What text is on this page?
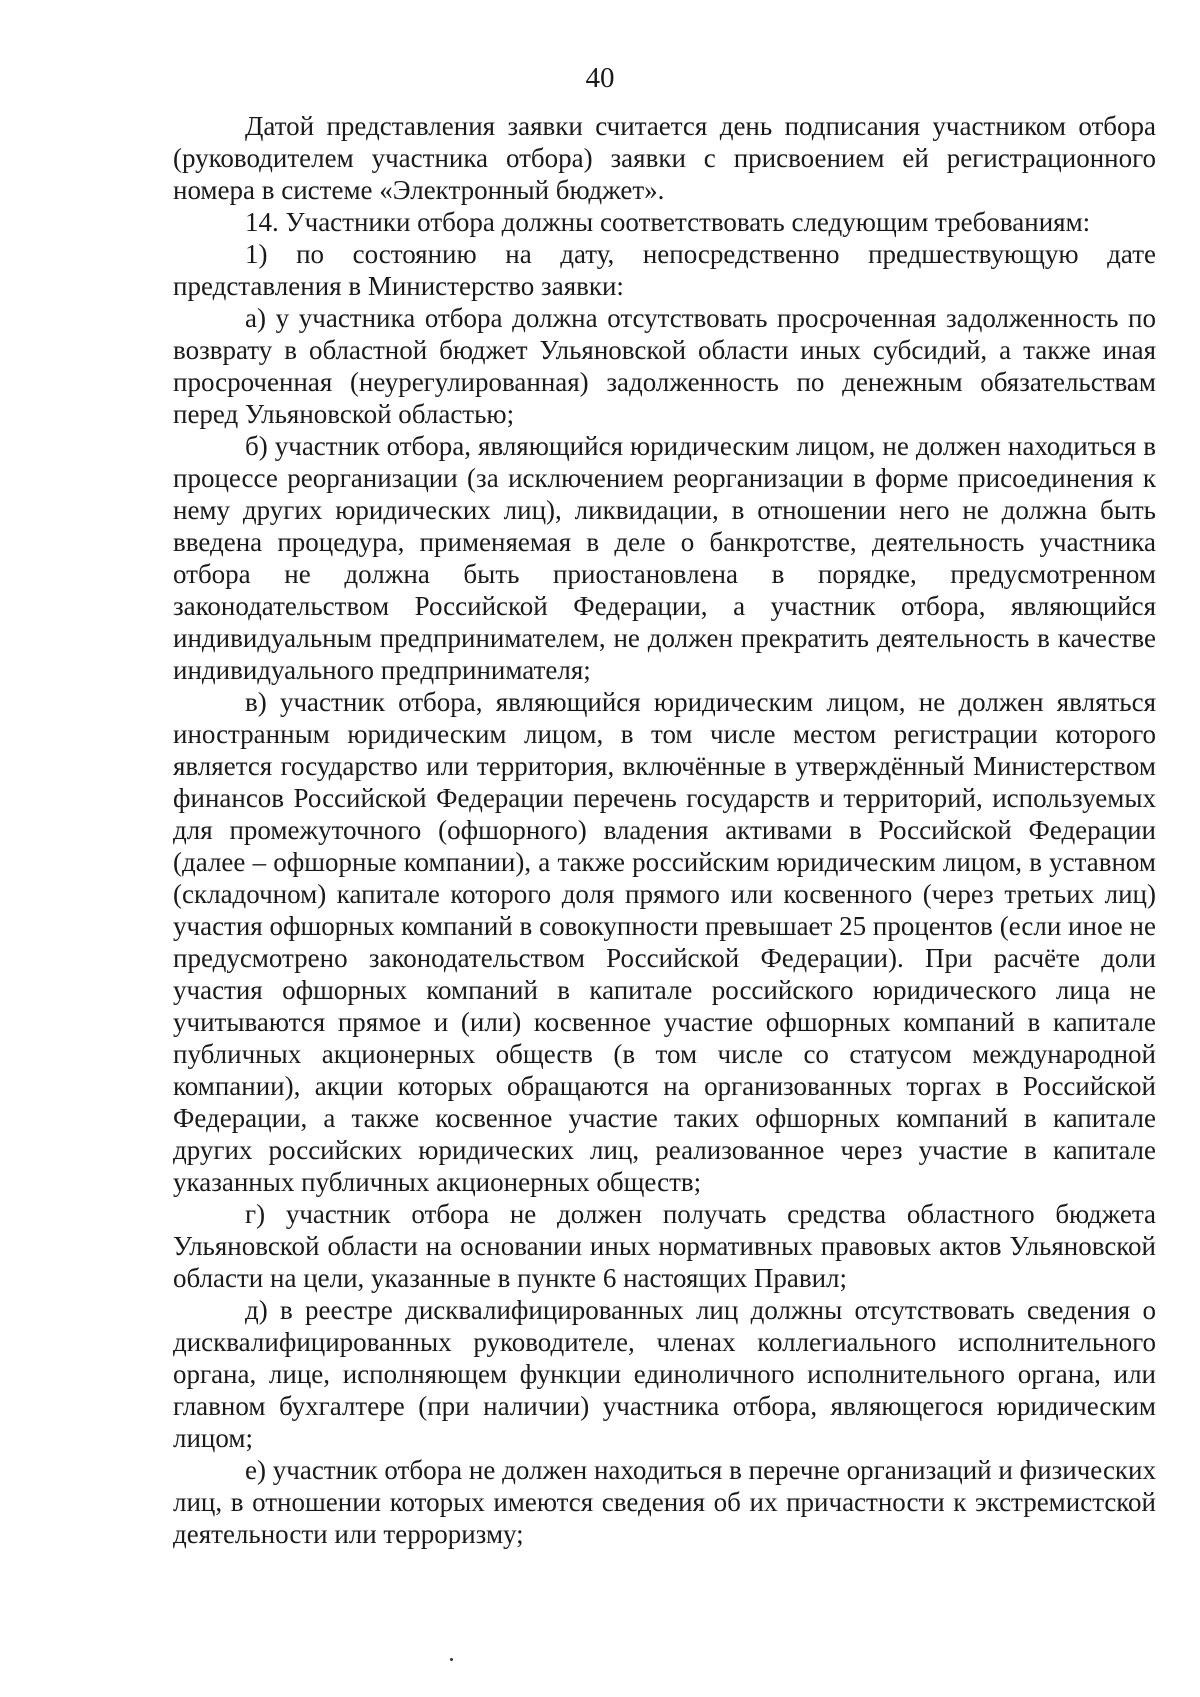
40

Датой представления заявки считается день подписания участником отбора (руководителем участника отбора) заявки с присвоением ей регистрационного номера в системе «Электронный бюджет».

14. Участники отбора должны соответствовать следующим требованиям:

1) по состоянию на дату, непосредственно предшествующую дате представления в Министерство заявки:

а) у участника отбора должна отсутствовать просроченная задолженность по возврату в областной бюджет Ульяновской области иных субсидий, а также иная просроченная (неурегулированная) задолженность по денежным обязательствам перед Ульяновской областью;

б) участник отбора, являющийся юридическим лицом, не должен находиться в процессе реорганизации (за исключением реорганизации в форме присоединения к нему других юридических лиц), ликвидации, в отношении него не должна быть введена процедура, применяемая в деле о банкротстве, деятельность участника отбора не должна быть приостановлена в порядке, предусмотренном законодательством Российской Федерации, а участник отбора, являющийся индивидуальным предпринимателем, не должен прекратить деятельность в качестве индивидуального предпринимателя;

в) участник отбора, являющийся юридическим лицом, не должен являться иностранным юридическим лицом, в том числе местом регистрации которого является государство или территория, включённые в утверждённый Министерством финансов Российской Федерации перечень государств и территорий, используемых для промежуточного (офшорного) владения активами в Российской Федерации (далее – офшорные компании), а также российским юридическим лицом, в уставном (складочном) капитале которого доля прямого или косвенного (через третьих лиц) участия офшорных компаний в совокупности превышает 25 процентов (если иное не предусмотрено законодательством Российской Федерации). При расчёте доли участия офшорных компаний в капитале российского юридического лица не учитываются прямое и (или) косвенное участие офшорных компаний в капитале публичных акционерных обществ (в том числе со статусом международной компании), акции которых обращаются на организованных торгах в Российской Федерации, а также косвенное участие таких офшорных компаний в капитале других российских юридических лиц, реализованное через участие в капитале указанных публичных акционерных обществ;

г) участник отбора не должен получать средства областного бюджета Ульяновской области на основании иных нормативных правовых актов Ульяновской области на цели, указанные в пункте 6 настоящих Правил;

д) в реестре дисквалифицированных лиц должны отсутствовать сведения о дисквалифицированных руководителе, членах коллегиального исполнительного органа, лице, исполняющем функции единоличного исполнительного органа, или главном бухгалтере (при наличии) участника отбора, являющегося юридическим лицом;

е) участник отбора не должен находиться в перечне организаций и физических лиц, в отношении которых имеются сведения об их причастности к экстремистской деятельности или терроризму;
